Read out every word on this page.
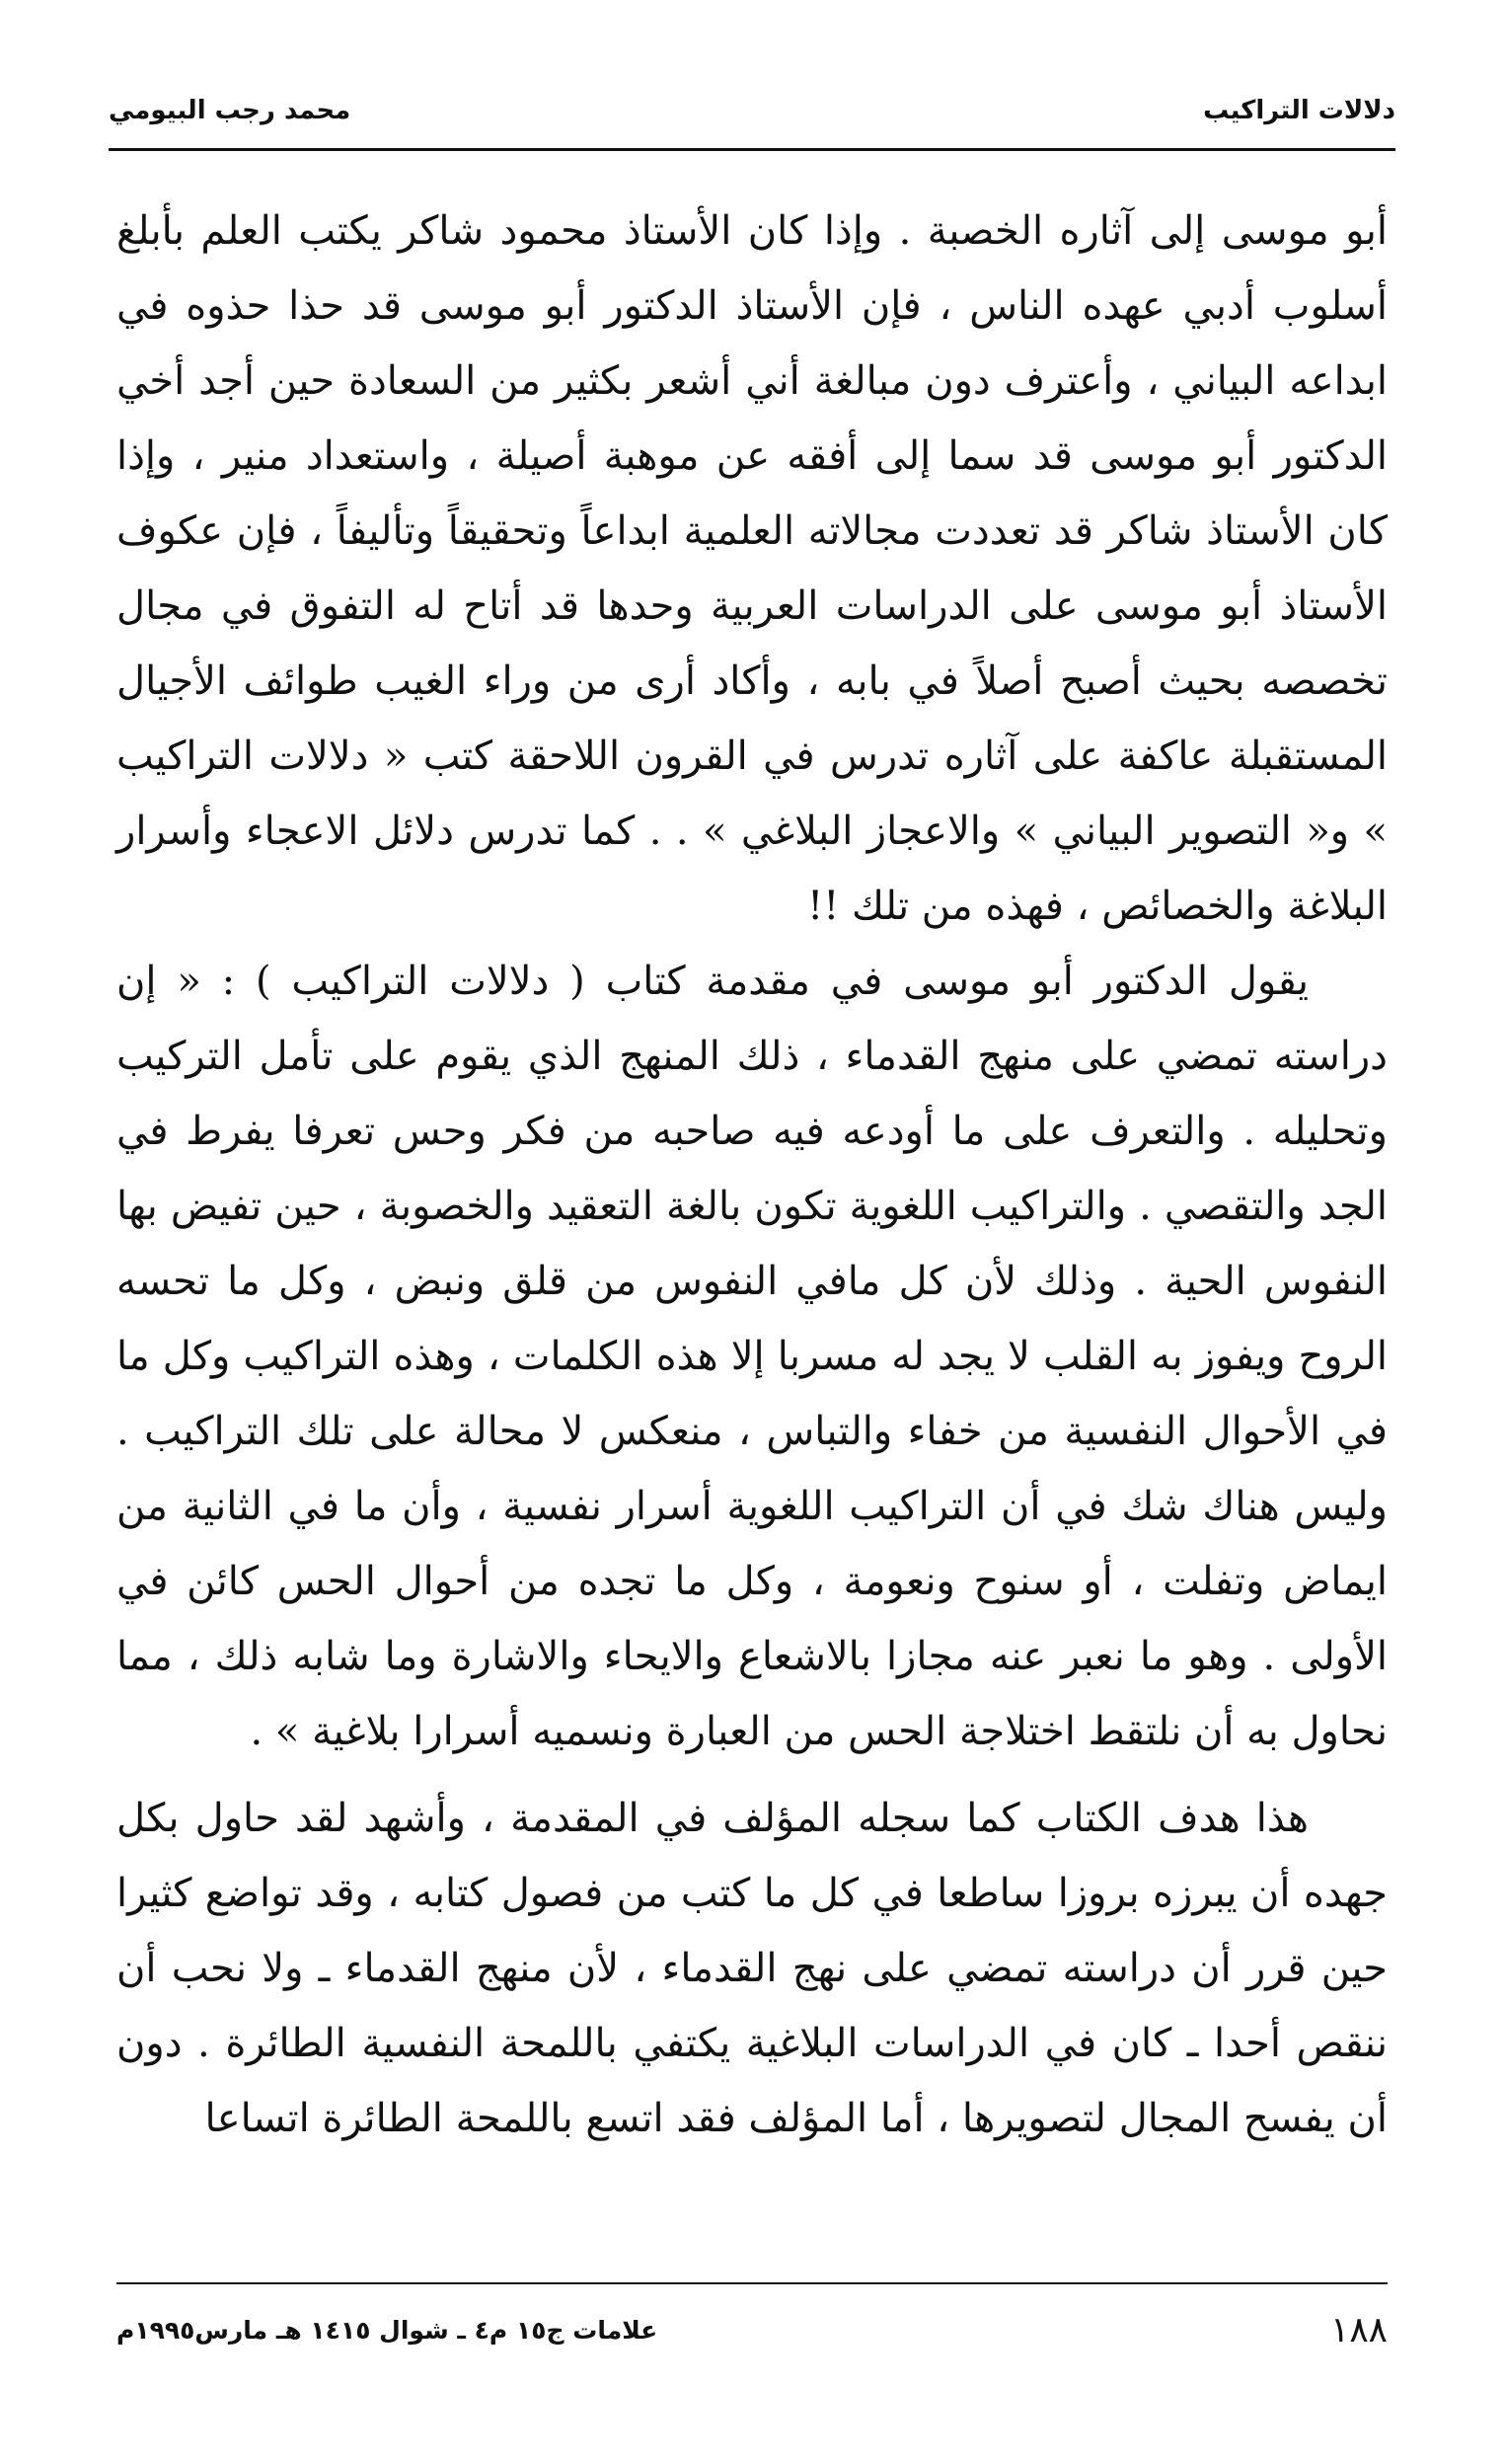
محمد رجب البيومي	دلالات التراكيب

أبو موسى إلى آثاره الخصبة . وإذا كان الأستاذ محمود شاكر يكتب العلم بأبلغ أسلوب أدبي عهده الناس ، فإن الأستاذ الدكتور أبو موسى قد حذا حذوه في ابداعه البياني ، وأعترف دون مبالغة أني أشعر بكثير من السعادة حين أجد أخي الدكتور أبو موسى قد سما إلى أفقه عن موهبة أصيلة ، واستعداد منير ، وإذا كان الأستاذ شاكر قد تعددت مجالاته العلمية ابداعاً وتحقيقاً وتأليفاً ، فإن عكوف الأستاذ أبو موسى على الدراسات العربية وحدها قد أتاح له التفوق في مجال تخصصه بحيث أصبح أصلاً في بابه ، وأكاد أرى من وراء الغيب طوائف الأجيال المستقبلة عاكفة على آثاره تدرس في القرون اللاحقة كتب « دلالات التراكيب » و« التصوير البياني » والاعجاز البلاغي » . . كما تدرس دلائل الاعجاء وأسرار البلاغة والخصائص ، فهذه من تلك !!

يقول الدكتور أبو موسى في مقدمة كتاب ( دلالات التراكيب ) : « إن دراسته تمضي على منهج القدماء ، ذلك المنهج الذي يقوم على تأمل التركيب وتحليله . والتعرف على ما أودعه فيه صاحبه من فكر وحس تعرفا يفرط في الجد والتقصي . والتراكيب اللغوية تكون بالغة التعقيد والخصوبة ، حين تفيض بها النفوس الحية . وذلك لأن كل مافي النفوس من قلق ونبض ، وكل ما تحسه الروح ويفوز به القلب لا يجد له مسربا إلا هذه الكلمات ، وهذه التراكيب وكل ما في الأحوال النفسية من خفاء والتباس ، منعكس لا محالة على تلك التراكيب . وليس هناك شك في أن التراكيب اللغوية أسرار نفسية ، وأن ما في الثانية من ايماض وتفلت ، أو سنوح ونعومة ، وكل ما تجده من أحوال الحس كائن في الأولى . وهو ما نعبر عنه مجازا بالاشعاع والايحاء والاشارة وما شابه ذلك ، مما نحاول به أن نلتقط اختلاجة الحس من العبارة ونسميه أسرارا بلاغية » .

هذا هدف الكتاب كما سجله المؤلف في المقدمة ، وأشهد لقد حاول بكل جهده أن يبرزه بروزا ساطعا في كل ما كتب من فصول كتابه ، وقد تواضع كثيرا حين قرر أن دراسته تمضي على نهج القدماء ، لأن منهج القدماء ـ ولا نحب أن ننقص أحدا ـ كان في الدراسات البلاغية يكتفي باللمحة النفسية الطائرة . دون أن يفسح المجال لتصويرها ، أما المؤلف فقد اتسع باللمحة الطائرة اتساعا

علامات ج١٥ م٤ ـ شوال ١٤١٥ هـ مارس١٩٩٥م	١٨٨
